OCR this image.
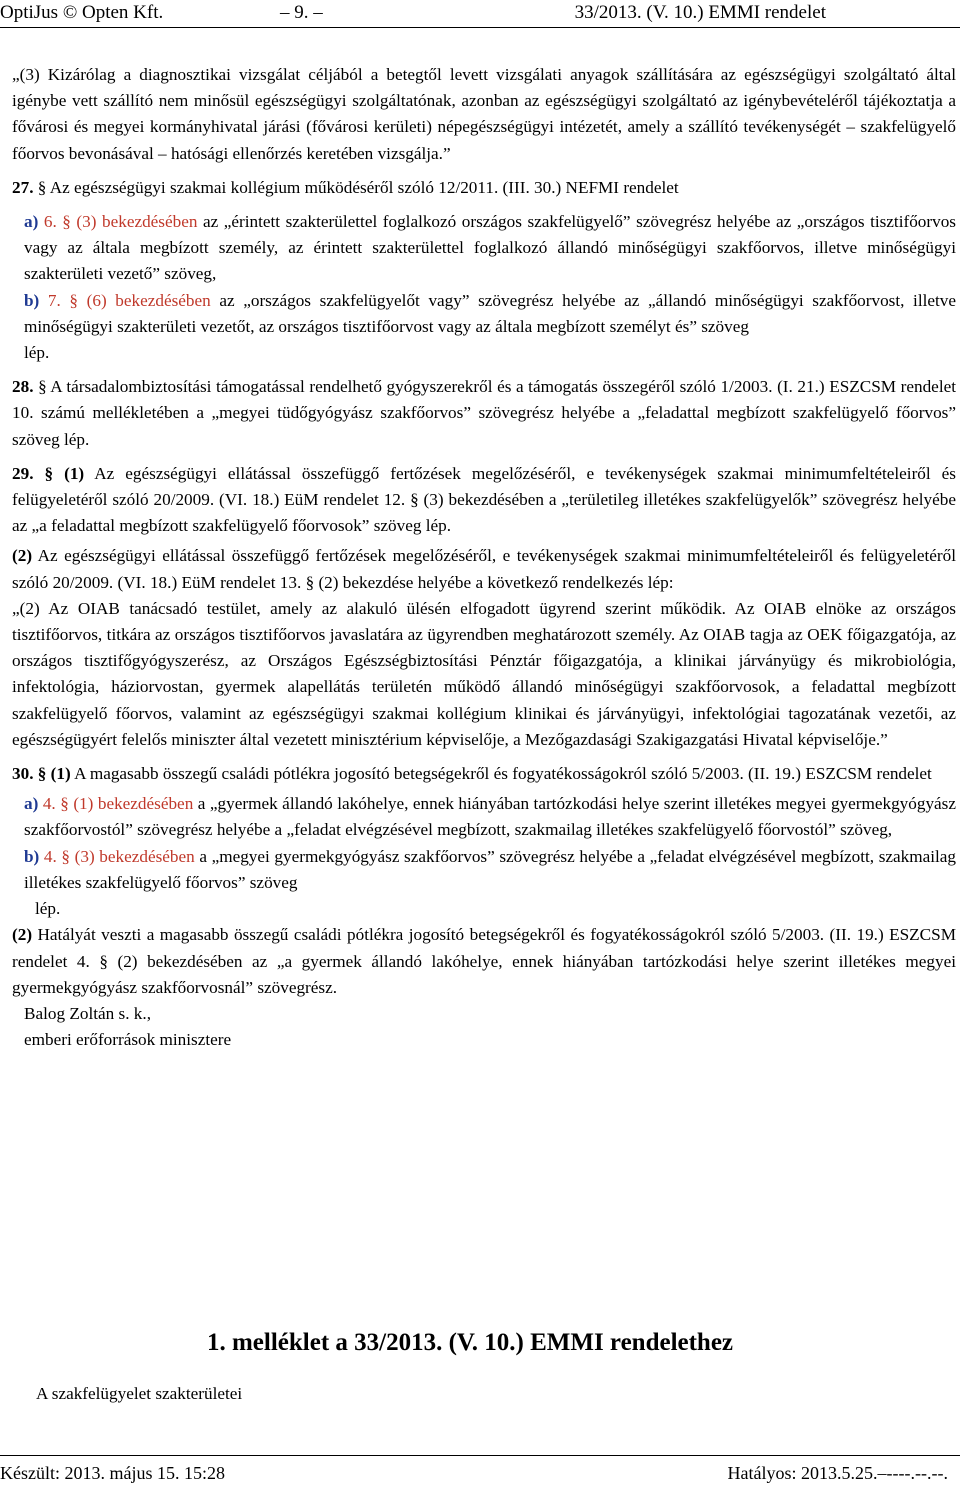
OptiJus © Opten Kft.	– 9. –	33/2013. (V. 10.) EMMI rendelet

„(3) Kizárólag a diagnosztikai vizsgálat céljából a betegtől levett vizsgálati anyagok szállítására az egészségügyi szolgáltató által igénybe vett szállító nem minősül egészségügyi szolgáltatónak, azonban az egészségügyi szolgáltató az igénybevételéről tájékoztatja a fővárosi és megyei kormányhivatal járási (fővárosi kerületi) népegészségügyi intézetét, amely a szállító tevékenységét – szakfelügyelő főorvos bevonásával – hatósági ellenőrzés keretében vizsgálja.”

27. § Az egészségügyi szakmai kollégium működéséről szóló 12/2011. (III. 30.) NEFMI rendelet

a) 6. § (3) bekezdésében az „érintett szakterülettel foglalkozó országos szakfelügyelő” szövegrész helyébe az „országos tisztifőorvos vagy az általa megbízott személy, az érintett szakterülettel foglalkozó állandó minőségügyi szakfőorvos, illetve minőségügyi szakterületi vezető” szöveg,

b) 7. § (6) bekezdésében az „országos szakfelügyelőt vagy” szövegrész helyébe az „állandó minőségügyi szakfőorvost, illetve minőségügyi szakterületi vezetőt, az országos tisztifőorvost vagy az általa megbízott személyt és” szöveg

lép.

28. § A társadalombiztosítási támogatással rendelhető gyógyszerekről és a támogatás összegéről szóló 1/2003. (I. 21.) ESZCSM rendelet 10. számú mellékletében a „megyei tüdőgyógyász szakfőorvos” szövegrész helyébe a „feladattal megbízott szakfelügyelő főorvos” szöveg lép.

29. § (1) Az egészségügyi ellátással összefüggő fertőzések megelőzéséről, e tevékenységek szakmai minimumfeltételeiről és felügyeletéről szóló 20/2009. (VI. 18.) EüM rendelet 12. § (3) bekezdésében a „területileg illetékes szakfelügyelők” szövegrész helyébe az „a feladattal megbízott szakfelügyelő főorvosok” szöveg lép.

(2) Az egészségügyi ellátással összefüggő fertőzések megelőzéséről, e tevékenységek szakmai minimumfeltételeiről és felügyeletéről szóló 20/2009. (VI. 18.) EüM rendelet 13. § (2) bekezdése helyébe a következő rendelkezés lép:

„(2) Az OIAB tanácsadó testület, amely az alakuló ülésén elfogadott ügyrend szerint működik. Az OIAB elnöke az országos tisztifőorvos, titkára az országos tisztifőorvos javaslatára az ügyrendben meghatározott személy. Az OIAB tagja az OEK főigazgatója, az országos tisztifőgyógyszerész, az Országos Egészségbiztosítási Pénztár főigazgatója, a klinikai járványügy és mikrobiológia, infektológia, háziorvostan, gyermek alapellátás területén működő állandó minőségügyi szakfőorvosok, a feladattal megbízott szakfelügyelő főorvos, valamint az egészségügyi szakmai kollégium klinikai és járványügyi, infektológiai tagozatának vezetői, az egészségügyért felelős miniszter által vezetett minisztérium képviselője, a Mezőgazdasági Szakigazgatási Hivatal képviselője.”

30. § (1) A magasabb összegű családi pótlékra jogosító betegségekről és fogyatékosságokról szóló 5/2003. (II. 19.) ESZCSM rendelet

a) 4. § (1) bekezdésében a „gyermek állandó lakóhelye, ennek hiányában tartózkodási helye szerint illetékes megyei gyermekgyógyász szakfőorvostól” szövegrész helyébe a „feladat elvégzésével megbízott, szakmailag illetékes szakfelügyelő főorvostól” szöveg,

b) 4. § (3) bekezdésében a „megyei gyermekgyógyász szakfőorvos” szövegrész helyébe a „feladat elvégzésével megbízott, szakmailag illetékes szakfelügyelő főorvos” szöveg

lép.

(2) Hatályát veszti a magasabb összegű családi pótlékra jogosító betegségekről és fogyatékosságokról szóló 5/2003. (II. 19.) ESZCSM rendelet 4. § (2) bekezdésében az „a gyermek állandó lakóhelye, ennek hiányában tartózkodási helye szerint illetékes megyei gyermekgyógyász szakfőorvosnál” szövegrész.

Balog Zoltán s. k.,

emberi erőforrások minisztere

1. melléklet a 33/2013. (V. 10.) EMMI rendelethez
A szakfelügyelet szakterületei
Készült: 2013. május 15. 15:28	Hatályos: 2013.5.25.–----.--.--.
